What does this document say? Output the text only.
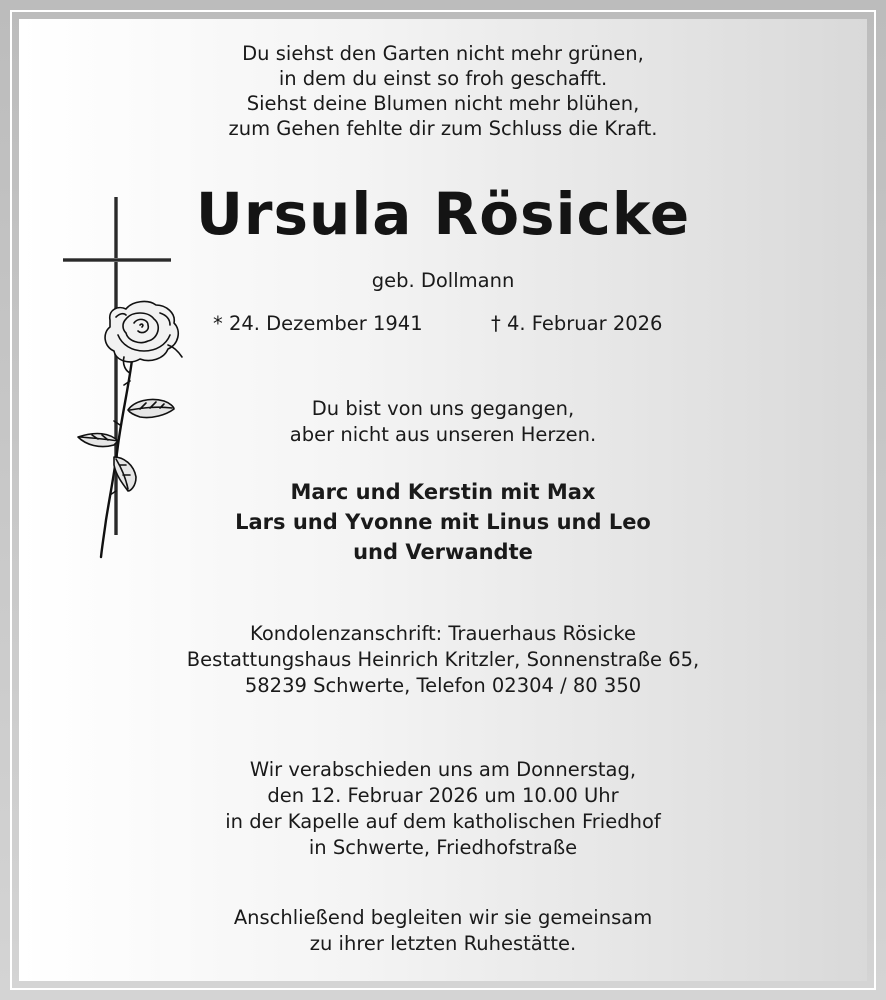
Du siehst den Garten nicht mehr grünen,
in dem du einst so froh geschafft.
Siehst deine Blumen nicht mehr blühen,
zum Gehen fehlte dir zum Schluss die Kraft.
Ursula Rösicke
geb. Dollmann
* 24. Dezember 1941	† 4. Februar 2026
Du bist von uns gegangen,
aber nicht aus unseren Herzen.
Marc und Kerstin mit Max
Lars und Yvonne mit Linus und Leo
und Verwandte
Kondolenzanschrift: Trauerhaus Rösicke
Bestattungshaus Heinrich Kritzler, Sonnenstraße 65,
58239 Schwerte, Telefon 02304 / 80 350
Wir verabschieden uns am Donnerstag,
den 12. Februar 2026 um 10.00 Uhr
in der Kapelle auf dem katholischen Friedhof
in Schwerte, Friedhofstraße
Anschließend begleiten wir sie gemeinsam
zu ihrer letzten Ruhestätte.
